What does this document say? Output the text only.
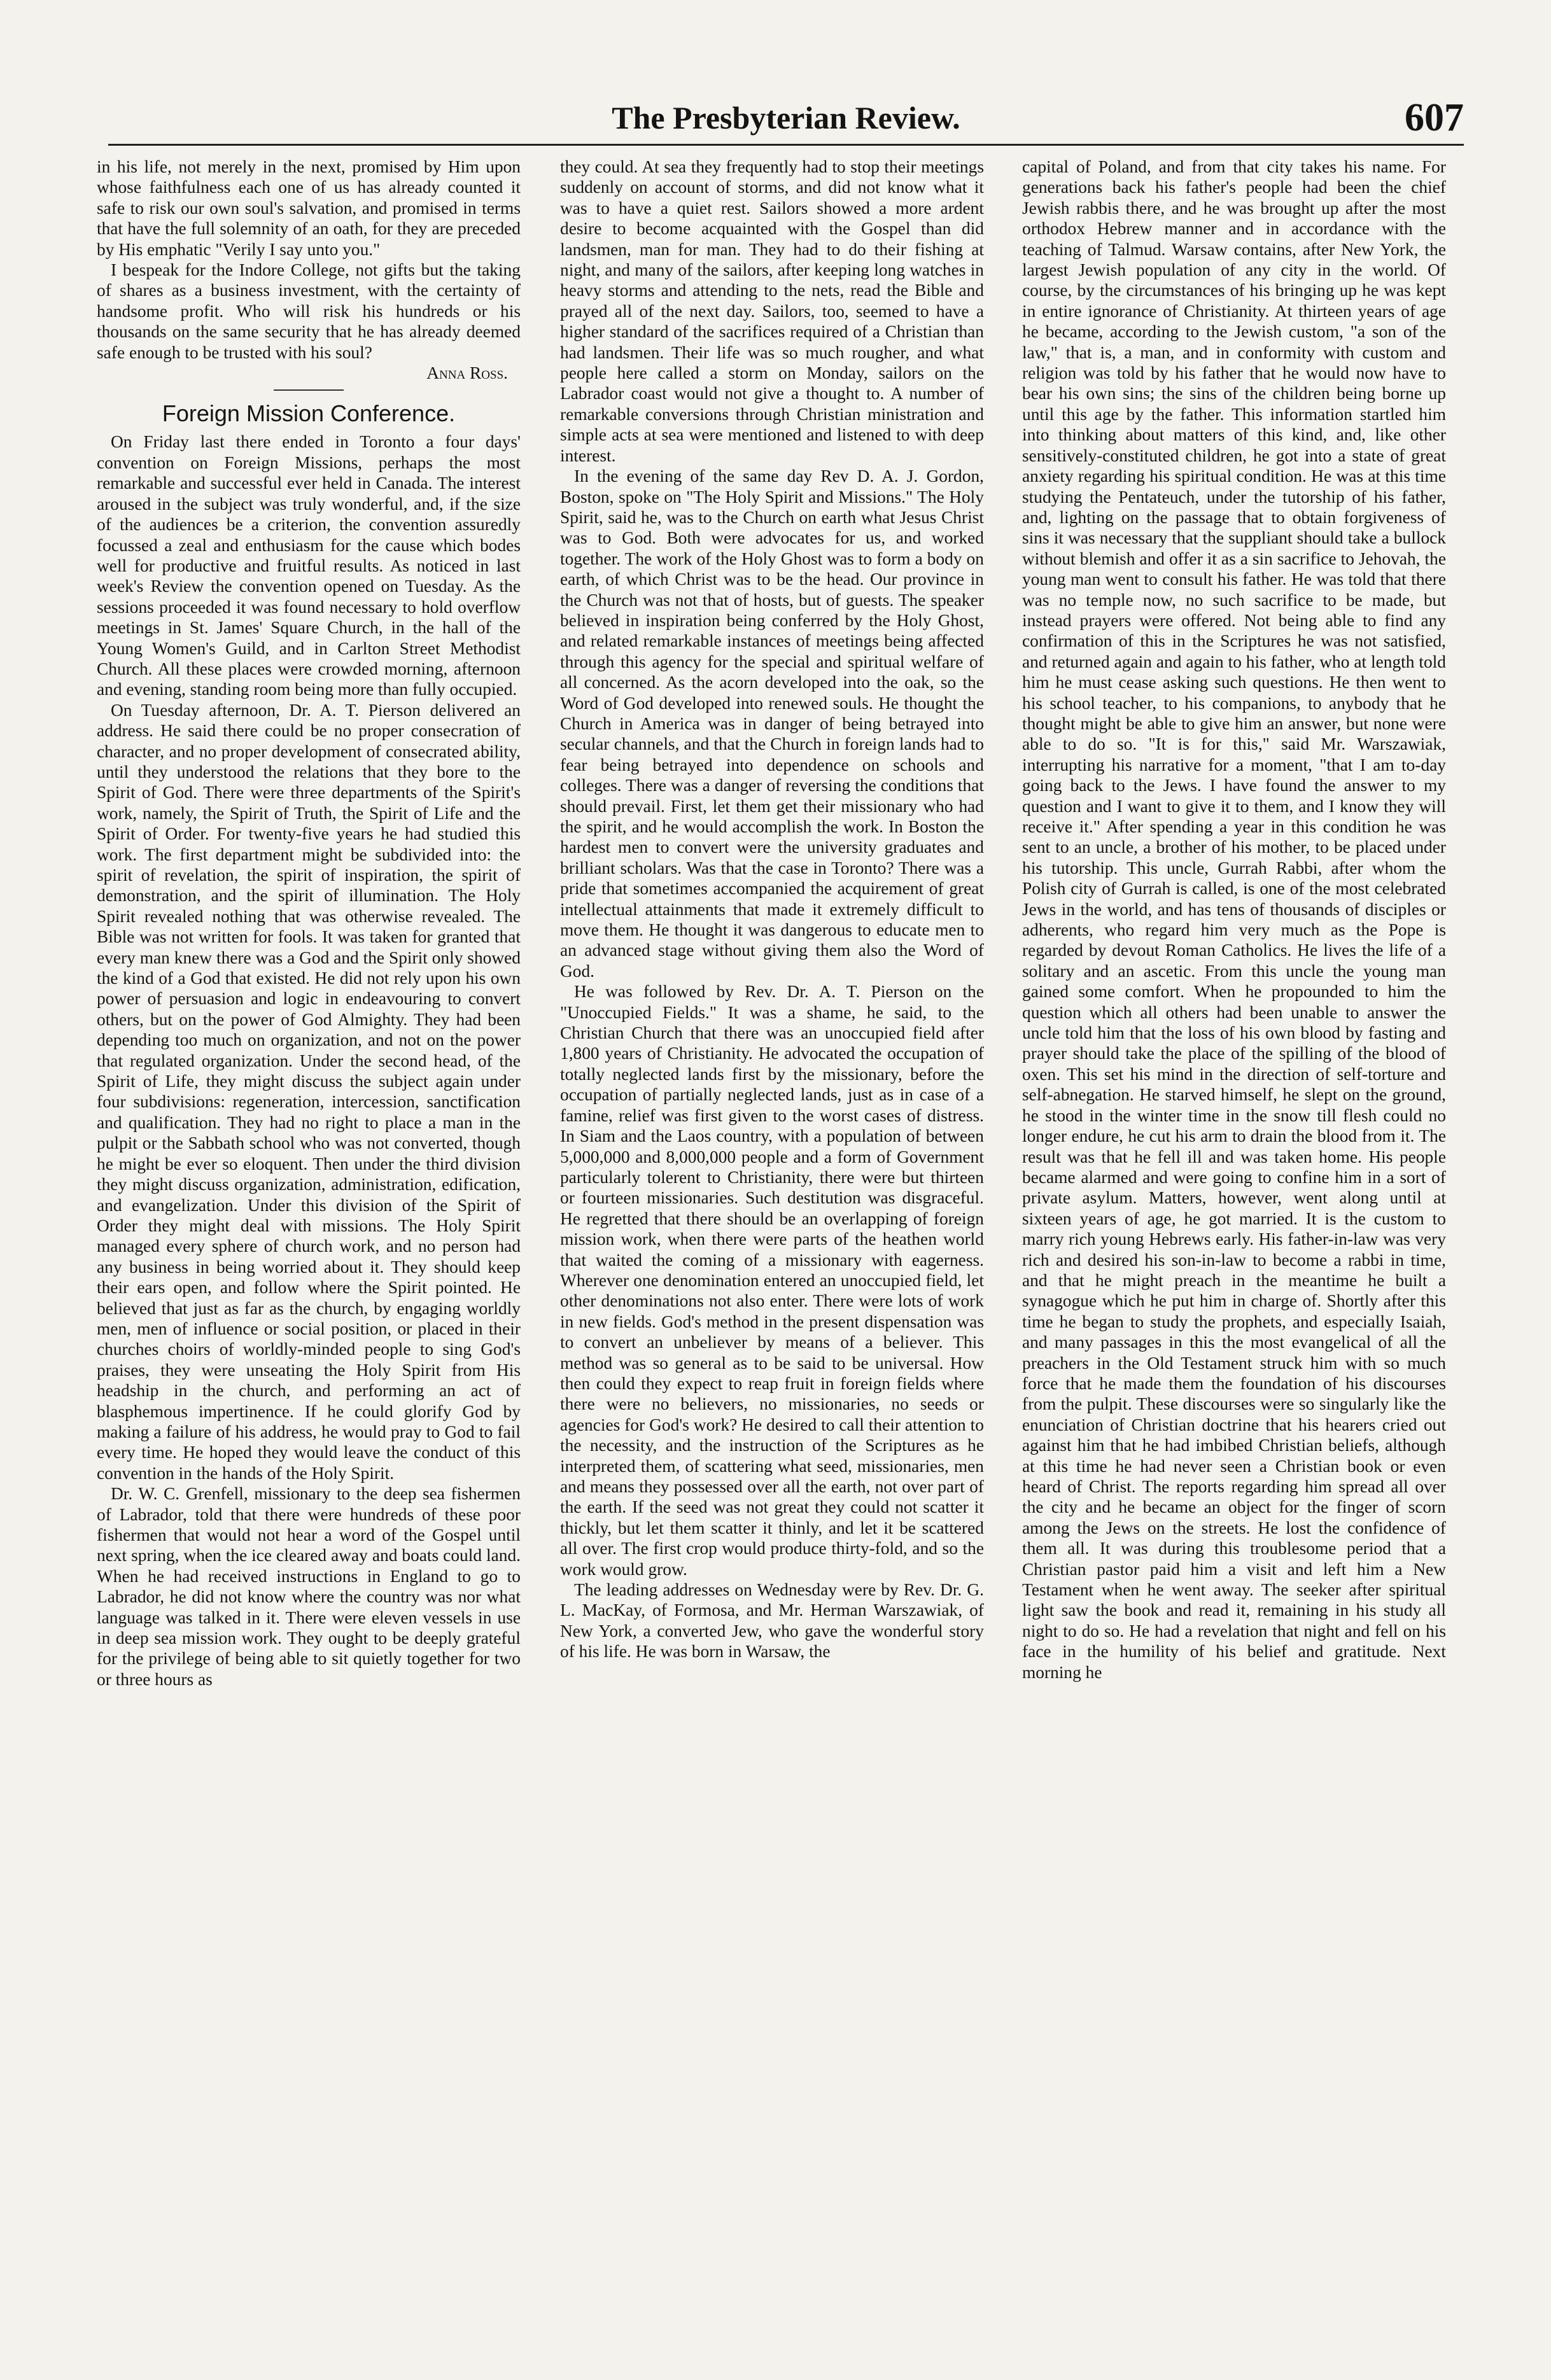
The Presbyterian Review.	607

in his life, not merely in the next, promised by Him upon whose faithfulness each one of us has already counted it safe to risk our own soul's salvation, and promised in terms that have the full solemnity of an oath, for they are preceded by His emphatic "Verily I say unto you."

I bespeak for the Indore College, not gifts but the taking of shares as a business investment, with the certainty of handsome profit. Who will risk his hundreds or his thousands on the same security that he has already deemed safe enough to be trusted with his soul?

Anna Ross.
Foreign Mission Conference.

On Friday last there ended in Toronto a four days' convention on Foreign Missions, perhaps the most remarkable and successful ever held in Canada. The interest aroused in the subject was truly wonderful, and, if the size of the audiences be a criterion, the convention assuredly focussed a zeal and enthusiasm for the cause which bodes well for productive and fruitful results. As noticed in last week's Review the convention opened on Tuesday. As the sessions proceeded it was found necessary to hold overflow meetings in St. James' Square Church, in the hall of the Young Women's Guild, and in Carlton Street Methodist Church. All these places were crowded morning, afternoon and evening, standing room being more than fully occupied.

On Tuesday afternoon, Dr. A. T. Pierson delivered an address. He said there could be no proper consecration of character, and no proper development of consecrated ability, until they understood the relations that they bore to the Spirit of God. There were three departments of the Spirit's work, namely, the Spirit of Truth, the Spirit of Life and the Spirit of Order. For twenty-five years he had studied this work. The first department might be subdivided into: the spirit of revelation, the spirit of inspiration, the spirit of demonstration, and the spirit of illumination. The Holy Spirit revealed nothing that was otherwise revealed. The Bible was not written for fools. It was taken for granted that every man knew there was a God and the Spirit only showed the kind of a God that existed. He did not rely upon his own power of persuasion and logic in endeavouring to convert others, but on the power of God Almighty. They had been depending too much on organization, and not on the power that regulated organization. Under the second head, of the Spirit of Life, they might discuss the subject again under four subdivisions: regeneration, intercession, sanctification and qualification. They had no right to place a man in the pulpit or the Sabbath school who was not converted, though he might be ever so eloquent. Then under the third division they might discuss organization, administration, edification, and evangelization. Under this division of the Spirit of Order they might deal with missions. The Holy Spirit managed every sphere of church work, and no person had any business in being worried about it. They should keep their ears open, and follow where the Spirit pointed. He believed that just as far as the church, by engaging worldly men, men of influence or social position, or placed in their churches choirs of worldly-minded people to sing God's praises, they were unseating the Holy Spirit from His headship in the church, and performing an act of blasphemous impertinence. If he could glorify God by making a failure of his address, he would pray to God to fail every time. He hoped they would leave the conduct of this convention in the hands of the Holy Spirit.

Dr. W. C. Grenfell, missionary to the deep sea fishermen of Labrador, told that there were hundreds of these poor fishermen that would not hear a word of the Gospel until next spring, when the ice cleared away and boats could land. When he had received instructions in England to go to Labrador, he did not know where the country was nor what language was talked in it. There were eleven vessels in use in deep sea mission work. They ought to be deeply grateful for the privilege of being able to sit quietly together for two or three hours as

they could. At sea they frequently had to stop their meetings suddenly on account of storms, and did not know what it was to have a quiet rest. Sailors showed a more ardent desire to become acquainted with the Gospel than did landsmen, man for man. They had to do their fishing at night, and many of the sailors, after keeping long watches in heavy storms and attending to the nets, read the Bible and prayed all of the next day. Sailors, too, seemed to have a higher standard of the sacrifices required of a Christian than had landsmen. Their life was so much rougher, and what people here called a storm on Monday, sailors on the Labrador coast would not give a thought to. A number of remarkable conversions through Christian ministration and simple acts at sea were mentioned and listened to with deep interest.

In the evening of the same day Rev D. A. J. Gordon, Boston, spoke on "The Holy Spirit and Missions." The Holy Spirit, said he, was to the Church on earth what Jesus Christ was to God. Both were advocates for us, and worked together. The work of the Holy Ghost was to form a body on earth, of which Christ was to be the head. Our province in the Church was not that of hosts, but of guests. The speaker believed in inspiration being conferred by the Holy Ghost, and related remarkable instances of meetings being affected through this agency for the special and spiritual welfare of all concerned. As the acorn developed into the oak, so the Word of God developed into renewed souls. He thought the Church in America was in danger of being betrayed into secular channels, and that the Church in foreign lands had to fear being betrayed into dependence on schools and colleges. There was a danger of reversing the conditions that should prevail. First, let them get their missionary who had the spirit, and he would accomplish the work. In Boston the hardest men to convert were the university graduates and brilliant scholars. Was that the case in Toronto? There was a pride that sometimes accompanied the acquirement of great intellectual attainments that made it extremely difficult to move them. He thought it was dangerous to educate men to an advanced stage without giving them also the Word of God.

He was followed by Rev. Dr. A. T. Pierson on the "Unoccupied Fields." It was a shame, he said, to the Christian Church that there was an unoccupied field after 1,800 years of Christianity. He advocated the occupation of totally neglected lands first by the missionary, before the occupation of partially neglected lands, just as in case of a famine, relief was first given to the worst cases of distress. In Siam and the Laos country, with a population of between 5,000,000 and 8,000,000 people and a form of Government particularly tolerent to Christianity, there were but thirteen or fourteen missionaries. Such destitution was disgraceful. He regretted that there should be an overlapping of foreign mission work, when there were parts of the heathen world that waited the coming of a missionary with eagerness. Wherever one denomination entered an unoccupied field, let other denominations not also enter. There were lots of work in new fields. God's method in the present dispensation was to convert an unbeliever by means of a believer. This method was so general as to be said to be universal. How then could they expect to reap fruit in foreign fields where there were no believers, no missionaries, no seeds or agencies for God's work? He desired to call their attention to the necessity, and the instruction of the Scriptures as he interpreted them, of scattering what seed, missionaries, men and means they possessed over all the earth, not over part of the earth. If the seed was not great they could not scatter it thickly, but let them scatter it thinly, and let it be scattered all over. The first crop would produce thirty-fold, and so the work would grow.

The leading addresses on Wednesday were by Rev. Dr. G. L. MacKay, of Formosa, and Mr. Herman Warszawiak, of New York, a converted Jew, who gave the wonderful story of his life. He was born in Warsaw, the

capital of Poland, and from that city takes his name. For generations back his father's people had been the chief Jewish rabbis there, and he was brought up after the most orthodox Hebrew manner and in accordance with the teaching of Talmud. Warsaw contains, after New York, the largest Jewish population of any city in the world. Of course, by the circumstances of his bringing up he was kept in entire ignorance of Christianity. At thirteen years of age he became, according to the Jewish custom, "a son of the law," that is, a man, and in conformity with custom and religion was told by his father that he would now have to bear his own sins; the sins of the children being borne up until this age by the father. This information startled him into thinking about matters of this kind, and, like other sensitively-constituted children, he got into a state of great anxiety regarding his spiritual condition. He was at this time studying the Pentateuch, under the tutorship of his father, and, lighting on the passage that to obtain forgiveness of sins it was necessary that the suppliant should take a bullock without blemish and offer it as a sin sacrifice to Jehovah, the young man went to consult his father. He was told that there was no temple now, no such sacrifice to be made, but instead prayers were offered. Not being able to find any confirmation of this in the Scriptures he was not satisfied, and returned again and again to his father, who at length told him he must cease asking such questions. He then went to his school teacher, to his companions, to anybody that he thought might be able to give him an answer, but none were able to do so. "It is for this," said Mr. Warszawiak, interrupting his narrative for a moment, "that I am to-day going back to the Jews. I have found the answer to my question and I want to give it to them, and I know they will receive it." After spending a year in this condition he was sent to an uncle, a brother of his mother, to be placed under his tutorship. This uncle, Gurrah Rabbi, after whom the Polish city of Gurrah is called, is one of the most celebrated Jews in the world, and has tens of thousands of disciples or adherents, who regard him very much as the Pope is regarded by devout Roman Catholics. He lives the life of a solitary and an ascetic. From this uncle the young man gained some comfort. When he propounded to him the question which all others had been unable to answer the uncle told him that the loss of his own blood by fasting and prayer should take the place of the spilling of the blood of oxen. This set his mind in the direction of self-torture and self-abnegation. He starved himself, he slept on the ground, he stood in the winter time in the snow till flesh could no longer endure, he cut his arm to drain the blood from it. The result was that he fell ill and was taken home. His people became alarmed and were going to confine him in a sort of private asylum. Matters, however, went along until at sixteen years of age, he got married. It is the custom to marry rich young Hebrews early. His father-in-law was very rich and desired his son-in-law to become a rabbi in time, and that he might preach in the meantime he built a synagogue which he put him in charge of. Shortly after this time he began to study the prophets, and especially Isaiah, and many passages in this the most evangelical of all the preachers in the Old Testament struck him with so much force that he made them the foundation of his discourses from the pulpit. These discourses were so singularly like the enunciation of Christian doctrine that his hearers cried out against him that he had imbibed Christian beliefs, although at this time he had never seen a Christian book or even heard of Christ. The reports regarding him spread all over the city and he became an object for the finger of scorn among the Jews on the streets. He lost the confidence of them all. It was during this troublesome period that a Christian pastor paid him a visit and left him a New Testament when he went away. The seeker after spiritual light saw the book and read it, remaining in his study all night to do so. He had a revelation that night and fell on his face in the humility of his belief and gratitude. Next morning he
